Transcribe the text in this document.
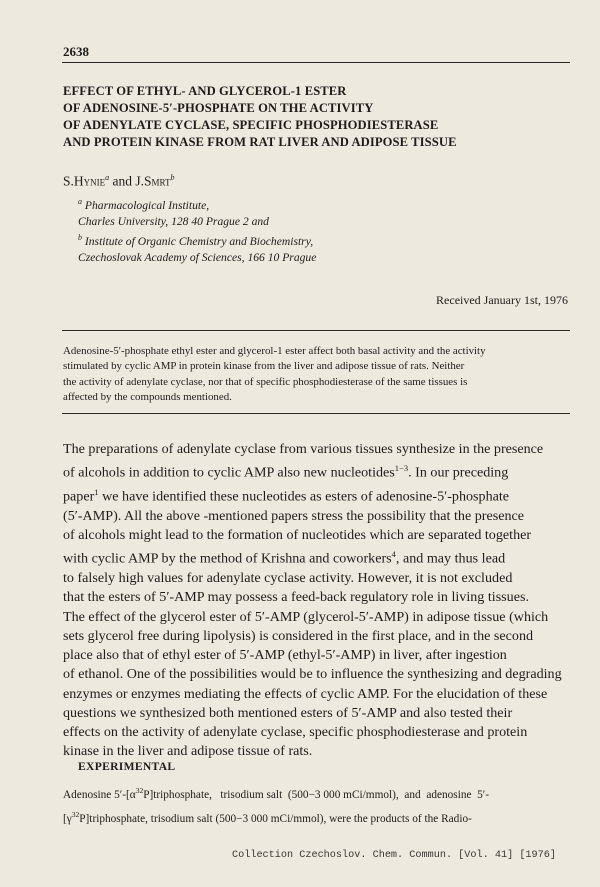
2638
EFFECT OF ETHYL- AND GLYCEROL-1 ESTER
OF ADENOSINE-5′-PHOSPHATE ON THE ACTIVITY
OF ADENYLATE CYCLASE, SPECIFIC PHOSPHODIESTERASE
AND PROTEIN KINASE FROM RAT LIVER AND ADIPOSE TISSUE
S.Hynie$^a$ and J.Smrt$^b$
$^a$ Pharmacological Institute,
Charles University, 128 40 Prague 2 and
$^b$ Institute of Organic Chemistry and Biochemistry,
Czechoslovak Academy of Sciences, 166 10 Prague
Received January 1st, 1976
Adenosine-5′-phosphate ethyl ester and glycerol-1 ester affect both basal activity and the activity
stimulated by cyclic AMP in protein kinase from the liver and adipose tissue of rats. Neither
the activity of adenylate cyclase, nor that of specific phosphodiesterase of the same tissues is
affected by the compounds mentioned.
The preparations of adenylate cyclase from various tissues synthesize in the presence
of alcohols in addition to cyclic AMP also new nucleotides$^{1-3}$. In our preceding
paper$^1$ we have identified these nucleotides as esters of adenosine-5′-phosphate
(5′-AMP). All the above -mentioned papers stress the possibility that the presence
of alcohols might lead to the formation of nucleotides which are separated together
with cyclic AMP by the method of Krishna and coworkers$^4$, and may thus lead
to falsely high values for adenylate cyclase activity. However, it is not excluded
that the esters of 5′-AMP may possess a feed-back regulatory role in living tissues.
The effect of the glycerol ester of 5′-AMP (glycerol-5′-AMP) in adipose tissue (which
sets glycerol free during lipolysis) is considered in the first place, and in the second
place also that of ethyl ester of 5′-AMP (ethyl-5′-AMP) in liver, after ingestion
of ethanol. One of the possibilities would be to influence the synthesizing and degrading
enzymes or enzymes mediating the effects of cyclic AMP. For the elucidation of these
questions we synthesized both mentioned esters of 5′-AMP and also tested their
effects on the activity of adenylate cyclase, specific phosphodiesterase and protein
kinase in the liver and adipose tissue of rats.
EXPERIMENTAL
Adenosine $5'-[\alpha^{32}P]triphosphate$,   trisodium salt  (500−3 000 mCi/mmol),  and  adenosine  5′-
$[\gamma^{32}P]triphosphate$, trisodium salt (500−3 000 mCi/mmol), were the products of the Radio-
Collection Czechoslov. Chem. Commun. [Vol. 41] [1976]
